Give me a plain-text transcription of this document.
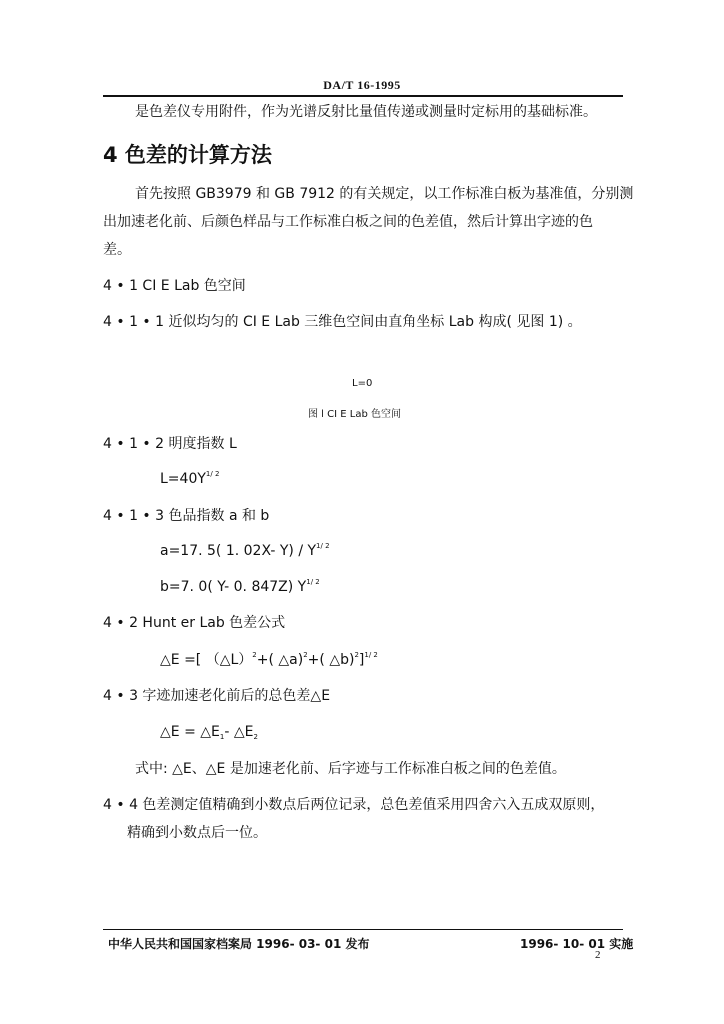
DA/T 16-1995
是色差仪专用附件，作为光谱反射比量值传递或测量时定标用的基础标准。
4 色差的计算方法
首先按照 GB3979 和 GB 7912 的有关规定，以工作标准白板为基准值，分别测
出加速老化前、后颜色样品与工作标准白板之间的色差值，然后计算出字迹的色
差。
4 • 1 CI E Lab 色空间
4 • 1 • 1 近似均匀的 CI E Lab 三维色空间由直角坐标 Lab 构成( 见图 1) 。
L=0
图 l CI E Lab 色空间
4 • 1 • 2 明度指数 L
$L=40Y^{1/ 2}$
4 • 1 • 3 色品指数 a 和 b
a=17. 5( 1. 02X- $Y) / Y^{1/ 2}$
b=7. 0( Y- 0. 847Z) $Y^{1/ 2}$
4 • 2 Hunt er Lab 色差公式
△E =[ （△L）$^2$+( △a)$^2$+( △b)$^2$]$^{1/ 2}$
4 • 3 字迹加速老化前后的总色差△E
△E = $\triangle E_1-$ $\triangle E_2$
式中: △E、△E 是加速老化前、后字迹与工作标准白板之间的色差值。
4 • 4 色差测定值精确到小数点后两位记录，总色差值采用四舍六入五成双原则，
精确到小数点后一位。
中华人民共和国国家档案局 1996- 03- 01 发布	1996- 10- 01 实施
2
